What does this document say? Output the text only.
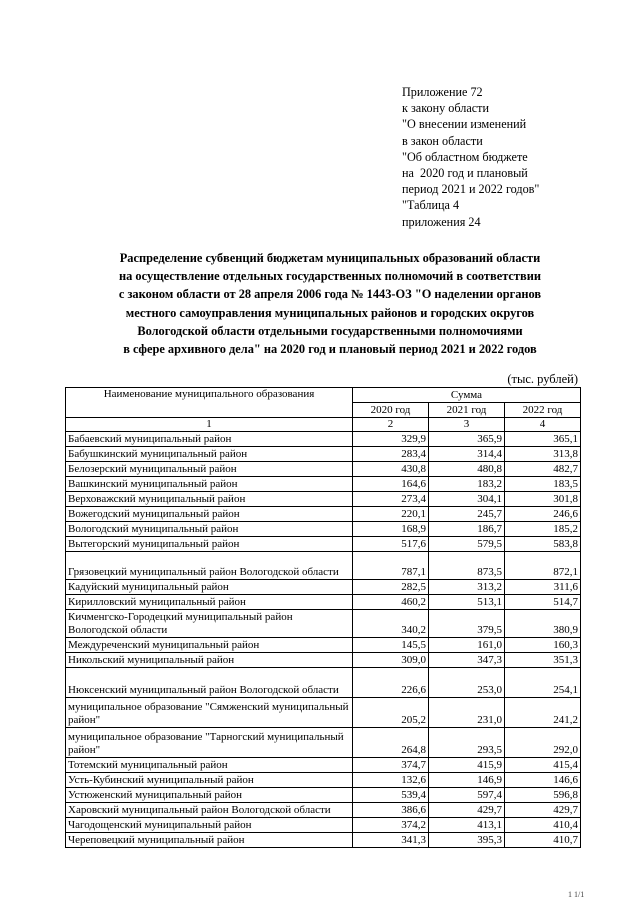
Приложение 72
к закону области
"О внесении изменений
в закон области
"Об областном бюджете
на  2020 год и плановый
период 2021 и 2022 годов"
"Таблица 4
приложения 24
Распределение субвенций бюджетам муниципальных образований области
на осуществление отдельных государственных полномочий в соответствии
с законом области от 28 апреля 2006 года № 1443-ОЗ "О наделении органов
местного самоуправления муниципальных районов и городских округов
Вологодской области отдельными государственными полномочиями
в сфере архивного дела" на 2020 год и плановый период 2021 и 2022 годов
(тыс. рублей)
Наименование муниципального образования	Сумма		
	2020 год	2021 год	2022 год
1	2	3	4
Бабаевский муниципальный район	329,9	365,9	365,1
Бабушкинский муниципальный район	283,4	314,4	313,8
Белозерский муниципальный район	430,8	480,8	482,7
Вашкинский муниципальный район	164,6	183,2	183,5
Верховажский муниципальный район	273,4	304,1	301,8
Вожегодский муниципальный район	220,1	245,7	246,6
Вологодский муниципальный район	168,9	186,7	185,2
Вытегорский муниципальный район	517,6	579,5	583,8
Грязовецкий муниципальный район Вологодской области	787,1	873,5	872,1
Кадуйский муниципальный район	282,5	313,2	311,6
Кирилловский муниципальный район	460,2	513,1	514,7
Кичменгско-Городецкий муниципальный район Вологодской области	340,2	379,5	380,9
Междуреченский муниципальный район	145,5	161,0	160,3
Никольский муниципальный район	309,0	347,3	351,3
Нюксенский муниципальный район Вологодской области	226,6	253,0	254,1
муниципальное образование "Сямженский муниципальный район"	205,2	231,0	241,2
муниципальное образование "Тарногский муниципальный район"	264,8	293,5	292,0
Тотемский муниципальный район	374,7	415,9	415,4
Усть-Кубинский муниципальный район	132,6	146,9	146,6
Устюженский муниципальный район	539,4	597,4	596,8
Харовский муниципальный район Вологодской области	386,6	429,7	429,7
Чагодощенский муниципальный район	374,2	413,1	410,4
Череповецкий муниципальный район	341,3	395,3	410,7
1 1/1
